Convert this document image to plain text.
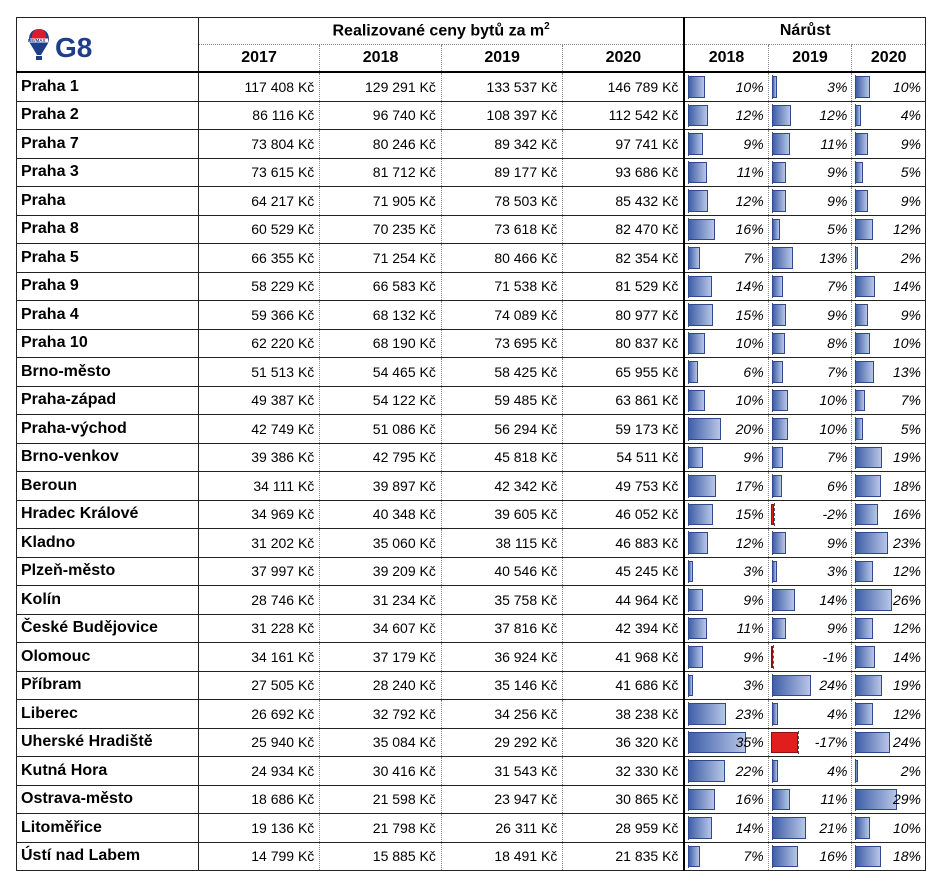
RE/MAX G8	Realizované ceny bytů za $m^2$				Nárůst		
	2017	2018	2019	2020	2018	2019	2020
Praha 1	117 408 Kč	129 291 Kč	133 537 Kč	146 789 Kč	10%	3%	10%
Praha 2	86 116 Kč	96 740 Kč	108 397 Kč	112 542 Kč	12%	12%	4%
Praha 7	73 804 Kč	80 246 Kč	89 342 Kč	97 741 Kč	9%	11%	9%
Praha 3	73 615 Kč	81 712 Kč	89 177 Kč	93 686 Kč	11%	9%	5%
Praha	64 217 Kč	71 905 Kč	78 503 Kč	85 432 Kč	12%	9%	9%
Praha 8	60 529 Kč	70 235 Kč	73 618 Kč	82 470 Kč	16%	5%	12%
Praha 5	66 355 Kč	71 254 Kč	80 466 Kč	82 354 Kč	7%	13%	2%
Praha 9	58 229 Kč	66 583 Kč	71 538 Kč	81 529 Kč	14%	7%	14%
Praha 4	59 366 Kč	68 132 Kč	74 089 Kč	80 977 Kč	15%	9%	9%
Praha 10	62 220 Kč	68 190 Kč	73 695 Kč	80 837 Kč	10%	8%	10%
Brno-město	51 513 Kč	54 465 Kč	58 425 Kč	65 955 Kč	6%	7%	13%
Praha-západ	49 387 Kč	54 122 Kč	59 485 Kč	63 861 Kč	10%	10%	7%
Praha-východ	42 749 Kč	51 086 Kč	56 294 Kč	59 173 Kč	20%	10%	5%
Brno-venkov	39 386 Kč	42 795 Kč	45 818 Kč	54 511 Kč	9%	7%	19%
Beroun	34 111 Kč	39 897 Kč	42 342 Kč	49 753 Kč	17%	6%	18%
Hradec Králové	34 969 Kč	40 348 Kč	39 605 Kč	46 052 Kč	15%	-2%	16%
Kladno	31 202 Kč	35 060 Kč	38 115 Kč	46 883 Kč	12%	9%	23%
Plzeň-město	37 997 Kč	39 209 Kč	40 546 Kč	45 245 Kč	3%	3%	12%
Kolín	28 746 Kč	31 234 Kč	35 758 Kč	44 964 Kč	9%	14%	26%
České Budějovice	31 228 Kč	34 607 Kč	37 816 Kč	42 394 Kč	11%	9%	12%
Olomouc	34 161 Kč	37 179 Kč	36 924 Kč	41 968 Kč	9%	-1%	14%
Příbram	27 505 Kč	28 240 Kč	35 146 Kč	41 686 Kč	3%	24%	19%
Liberec	26 692 Kč	32 792 Kč	34 256 Kč	38 238 Kč	23%	4%	12%
Uherské Hradiště	25 940 Kč	35 084 Kč	29 292 Kč	36 320 Kč	35%	-17%	24%
Kutná Hora	24 934 Kč	30 416 Kč	31 543 Kč	32 330 Kč	22%	4%	2%
Ostrava-město	18 686 Kč	21 598 Kč	23 947 Kč	30 865 Kč	16%	11%	29%
Litoměřice	19 136 Kč	21 798 Kč	26 311 Kč	28 959 Kč	14%	21%	10%
Ústí nad Labem	14 799 Kč	15 885 Kč	18 491 Kč	21 835 Kč	7%	16%	18%
